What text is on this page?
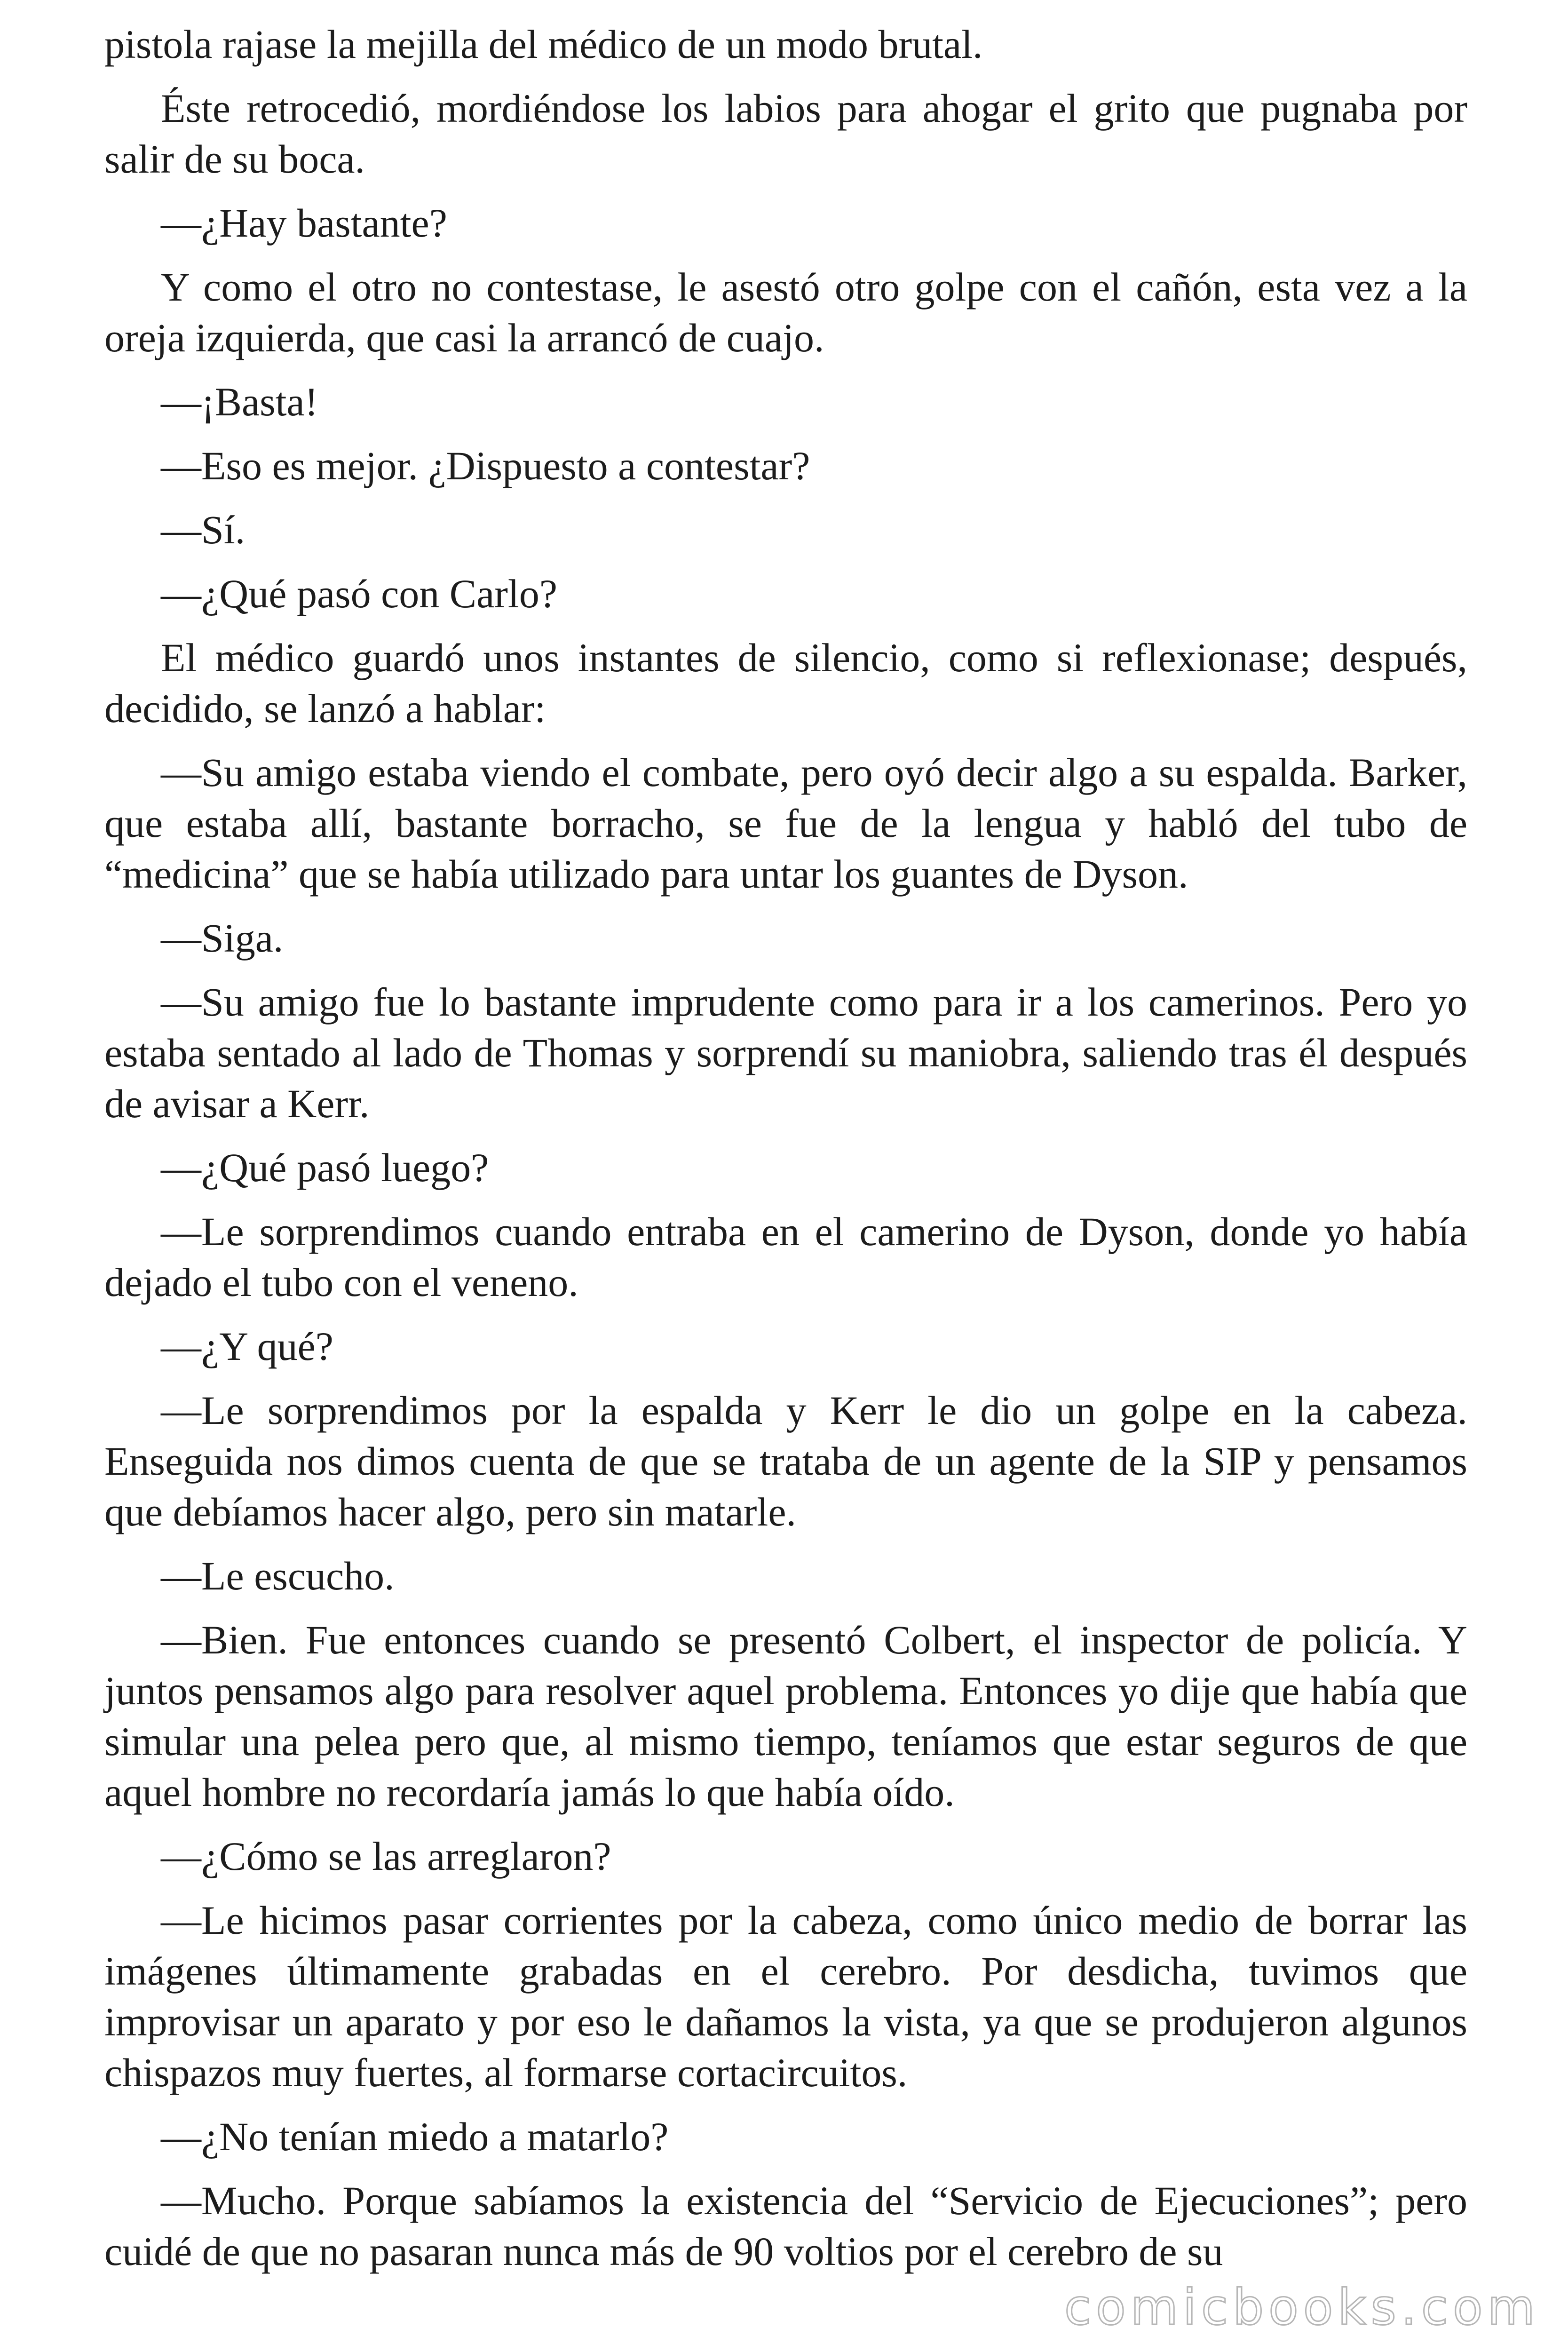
pistola rajase la mejilla del médico de un modo brutal.

Éste retrocedió, mordiéndose los labios para ahogar el grito que pugnaba por salir de su boca.

—¿Hay bastante?

Y como el otro no contestase, le asestó otro golpe con el cañón, esta vez a la oreja izquierda, que casi la arrancó de cuajo.

—¡Basta!

—Eso es mejor. ¿Dispuesto a contestar?

—Sí.

—¿Qué pasó con Carlo?

El médico guardó unos instantes de silencio, como si reflexionase; después, decidido, se lanzó a hablar:

—Su amigo estaba viendo el combate, pero oyó decir algo a su espalda. Barker, que estaba allí, bastante borracho, se fue de la lengua y habló del tubo de “medicina” que se había utilizado para untar los guantes de Dyson.

—Siga.

—Su amigo fue lo bastante imprudente como para ir a los camerinos. Pero yo estaba sentado al lado de Thomas y sorprendí su maniobra, saliendo tras él después de avisar a Kerr.

—¿Qué pasó luego?

—Le sorprendimos cuando entraba en el camerino de Dyson, donde yo había dejado el tubo con el veneno.

—¿Y qué?

—Le sorprendimos por la espalda y Kerr le dio un golpe en la cabeza. Enseguida nos dimos cuenta de que se trataba de un agente de la SIP y pensamos que debíamos hacer algo, pero sin matarle.

—Le escucho.

—Bien. Fue entonces cuando se presentó Colbert, el inspector de policía. Y juntos pensamos algo para resolver aquel problema. Entonces yo dije que había que simular una pelea pero que, al mismo tiempo, teníamos que estar seguros de que aquel hombre no recordaría jamás lo que había oído.

—¿Cómo se las arreglaron?

—Le hicimos pasar corrientes por la cabeza, como único medio de borrar las imágenes últimamente grabadas en el cerebro. Por desdicha, tuvimos que improvisar un aparato y por eso le dañamos la vista, ya que se produjeron algunos chispazos muy fuertes, al formarse cortacircuitos.

—¿No tenían miedo a matarlo?

—Mucho. Porque sabíamos la existencia del “Servicio de Ejecuciones”; pero cuidé de que no pasaran nunca más de 90 voltios por el cerebro de su

comicbooks.com
